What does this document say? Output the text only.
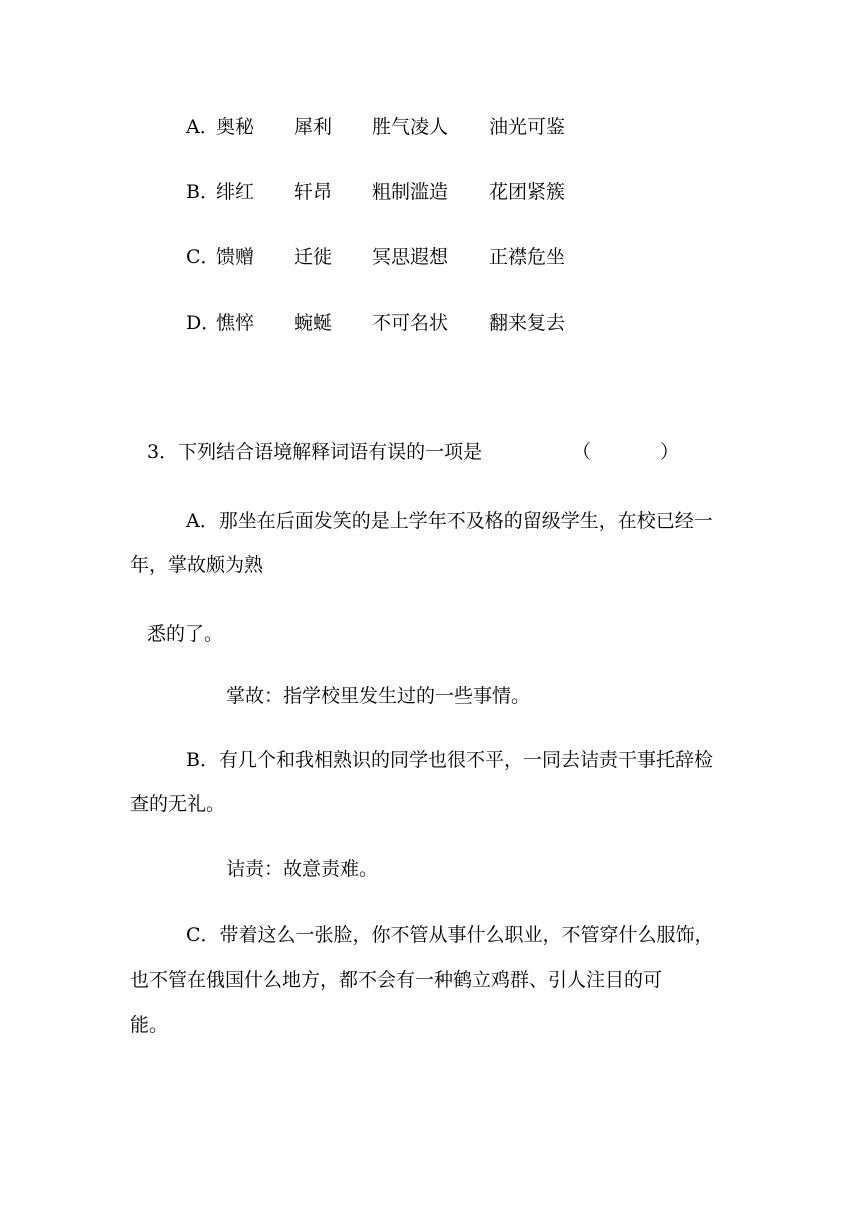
A．
奥秘 犀利 胜气凌人 油光可鉴
B．
绯红 轩昂 粗制滥造 花团紧簇
C．
馈赠 迁徙 冥思遐想 正襟危坐
D．
憔悴 蜿蜒 不可名状 翻来复去
3．下列结合语境解释词语有误的一项是	（	）
A．那坐在后面发笑的是上学年不及格的留级学生，在校已经一
年，掌故颇为熟
悉的了。
掌故：指学校里发生过的一些事情。
B．有几个和我相熟识的同学也很不平，一同去诘责干事托辞检
查的无礼。
诘责：故意责难。
C．带着这么一张脸，你不管从事什么职业，不管穿什么服饰，
也不管在俄国什么地方，都不会有一种鹤立鸡群、引人注目的可
能。
